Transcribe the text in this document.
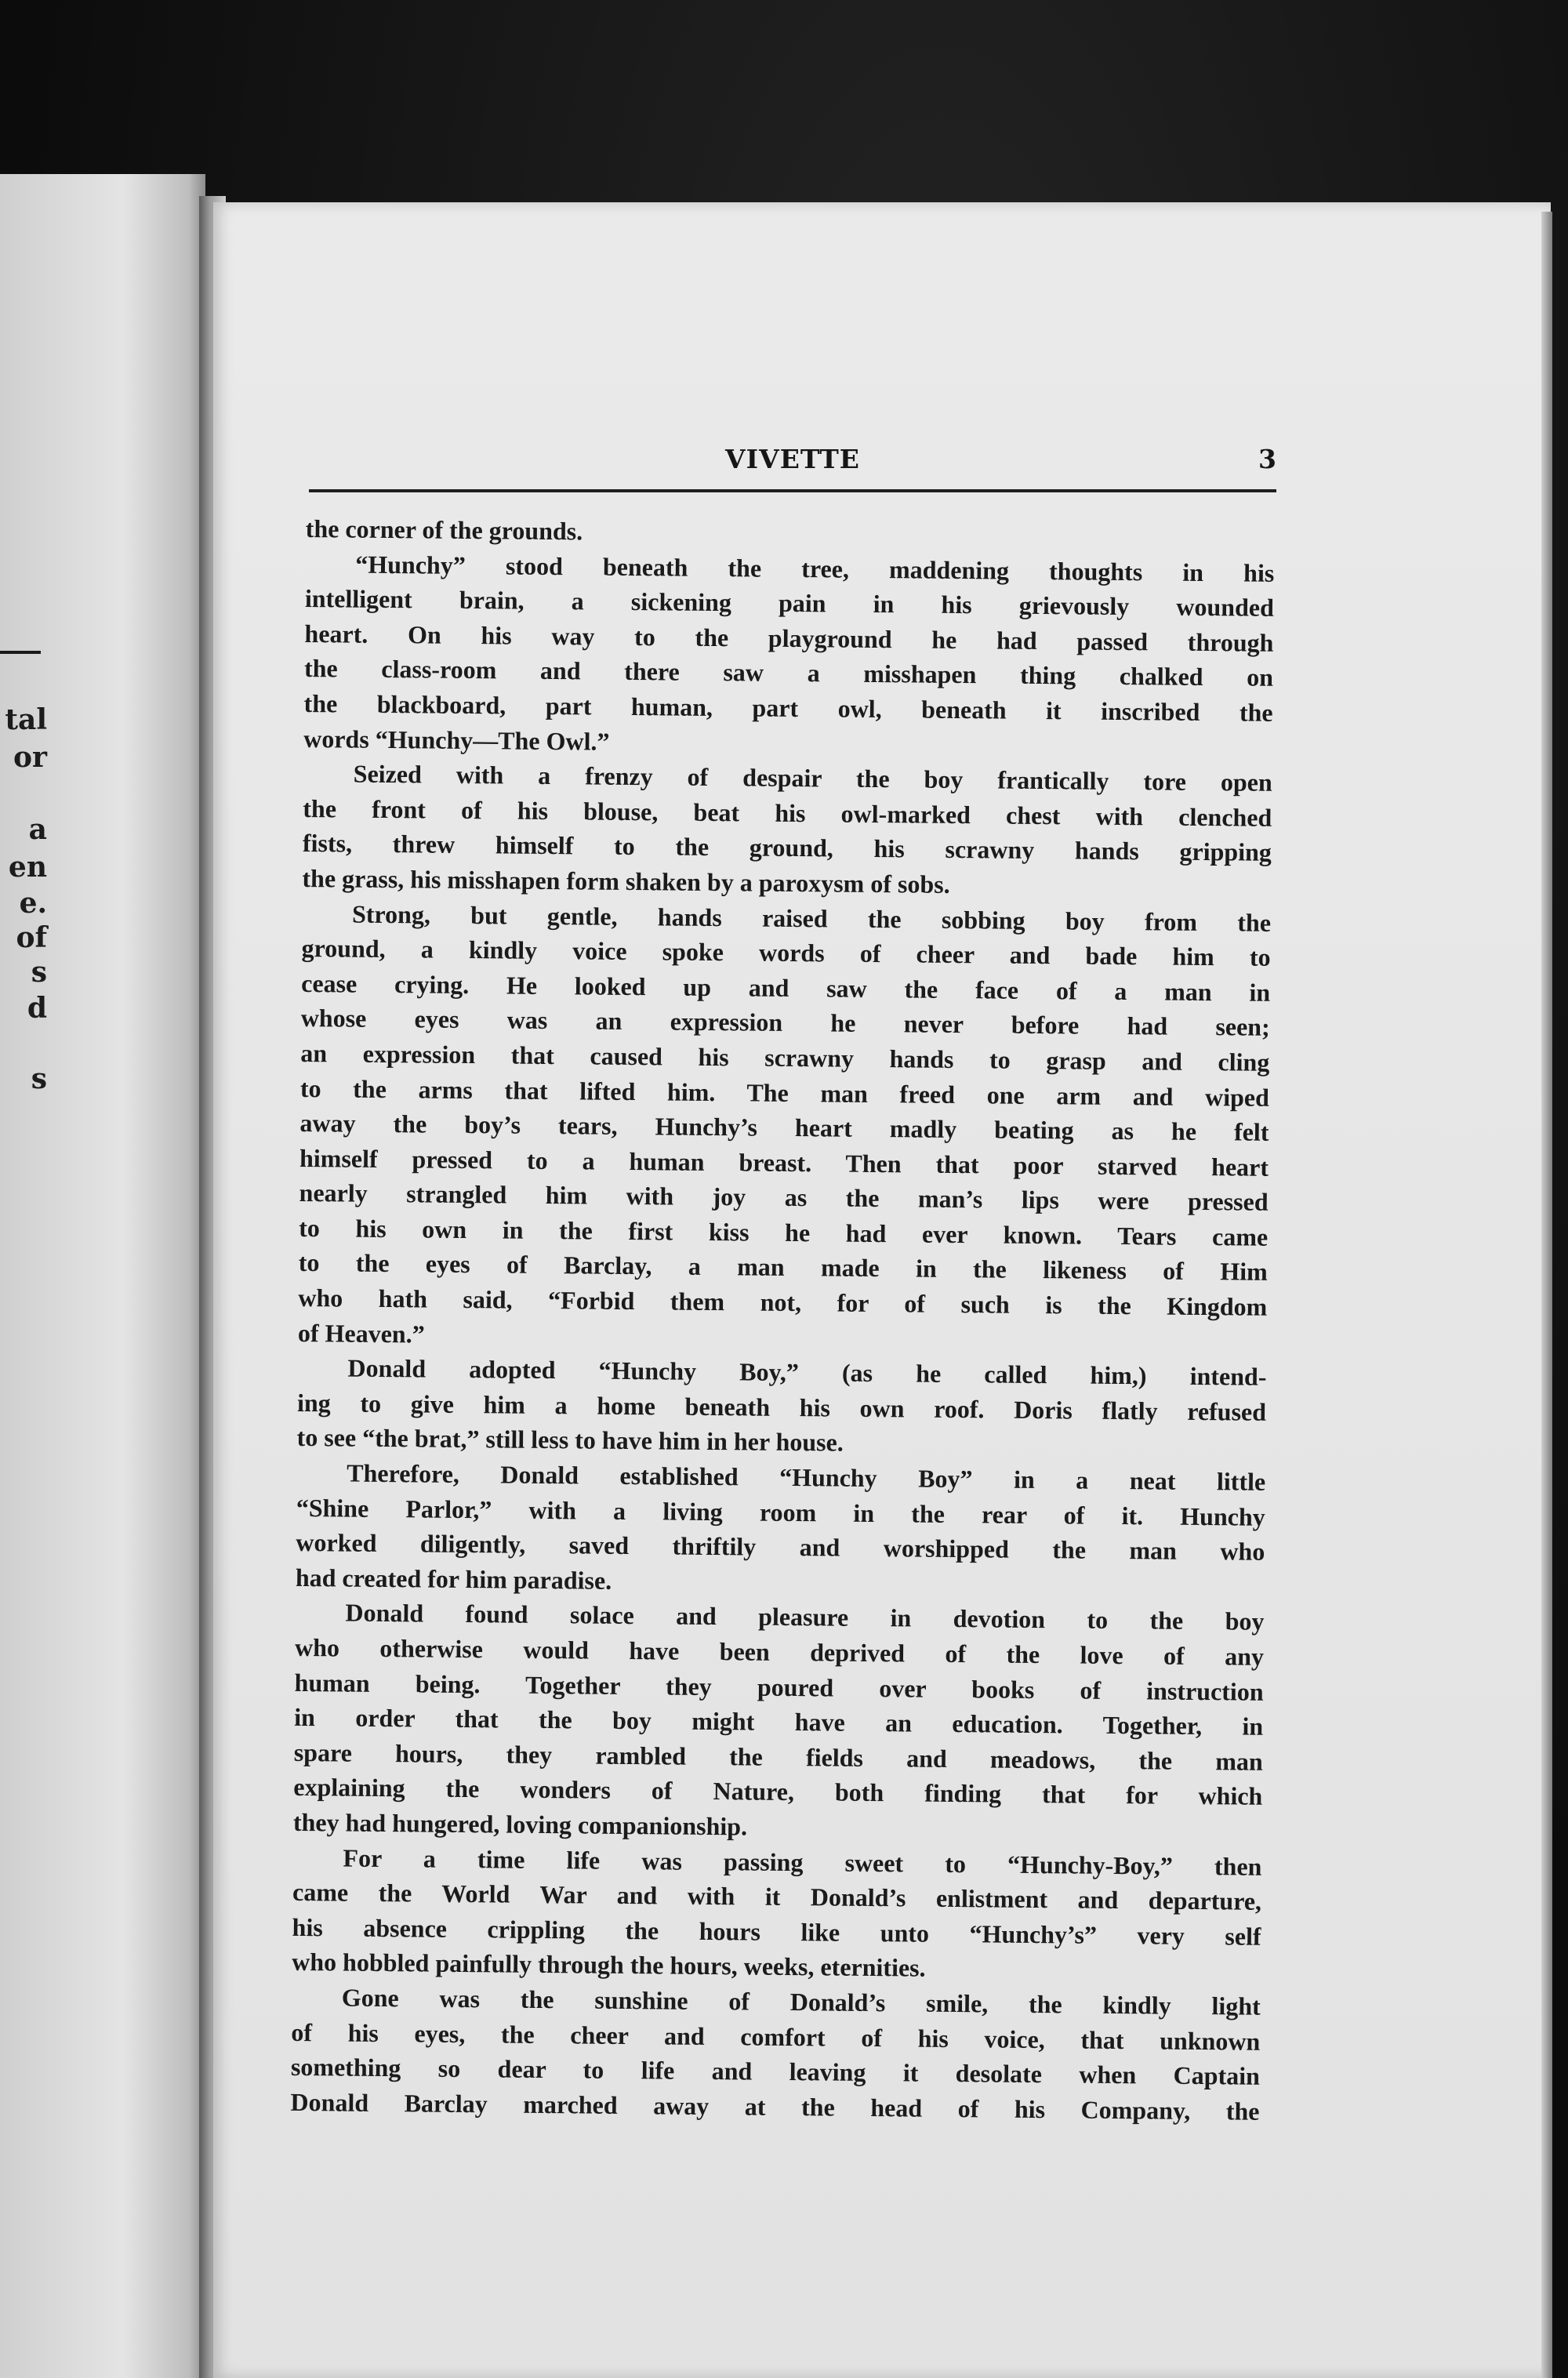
tal
or
a
en
e.
of
s
d
s
VIVETTE	3
the corner of the grounds.
“Hunchy” stood beneath the tree, maddening thoughts in his
intelligent brain, a sickening pain in his grievously wounded
heart. On his way to the playground he had passed through
the class-room and there saw a misshapen thing chalked on
the blackboard, part human, part owl, beneath it inscribed the
words “Hunchy—The Owl.”
Seized with a frenzy of despair the boy frantically tore open
the front of his blouse, beat his owl-marked chest with clenched
fists, threw himself to the ground, his scrawny hands gripping
the grass, his misshapen form shaken by a paroxysm of sobs.
Strong, but gentle, hands raised the sobbing boy from the
ground, a kindly voice spoke words of cheer and bade him to
cease crying. He looked up and saw the face of a man in
whose eyes was an expression he never before had seen;
an expression that caused his scrawny hands to grasp and cling
to the arms that lifted him. The man freed one arm and wiped
away the boy’s tears, Hunchy’s heart madly beating as he felt
himself pressed to a human breast. Then that poor starved heart
nearly strangled him with joy as the man’s lips were pressed
to his own in the first kiss he had ever known. Tears came
to the eyes of Barclay, a man made in the likeness of Him
who hath said, “Forbid them not, for of such is the Kingdom
of Heaven.”
Donald adopted “Hunchy Boy,” (as he called him,) intend-
ing to give him a home beneath his own roof. Doris flatly refused
to see “the brat,” still less to have him in her house.
Therefore, Donald established “Hunchy Boy” in a neat little
“Shine Parlor,” with a living room in the rear of it. Hunchy
worked diligently, saved thriftily and worshipped the man who
had created for him paradise.
Donald found solace and pleasure in devotion to the boy
who otherwise would have been deprived of the love of any
human being. Together they poured over books of instruction
in order that the boy might have an education. Together, in
spare hours, they rambled the fields and meadows, the man
explaining the wonders of Nature, both finding that for which
they had hungered, loving companionship.
For a time life was passing sweet to “Hunchy-Boy,” then
came the World War and with it Donald’s enlistment and departure,
his absence crippling the hours like unto “Hunchy’s” very self
who hobbled painfully through the hours, weeks, eternities.
Gone was the sunshine of Donald’s smile, the kindly light
of his eyes, the cheer and comfort of his voice, that unknown
something so dear to life and leaving it desolate when Captain
Donald Barclay marched away at the head of his Company, the
